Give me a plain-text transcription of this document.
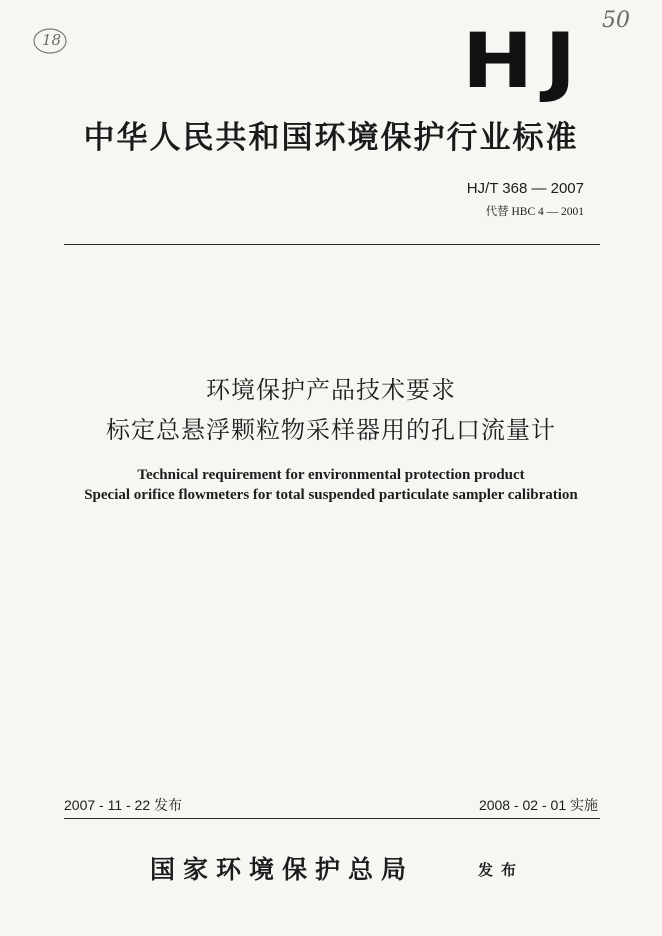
18
50
HJ
中华人民共和国环境保护行业标准
HJ/T 368 — 2007
代替 HBC 4 — 2001
环境保护产品技术要求
标定总悬浮颗粒物采样器用的孔口流量计
Technical requirement for environmental protection product
Special orifice flowmeters for total suspended particulate sampler calibration
2007 - 11 - 22 发布	2008 - 02 - 01 实施
国家环境保护总局	发布
